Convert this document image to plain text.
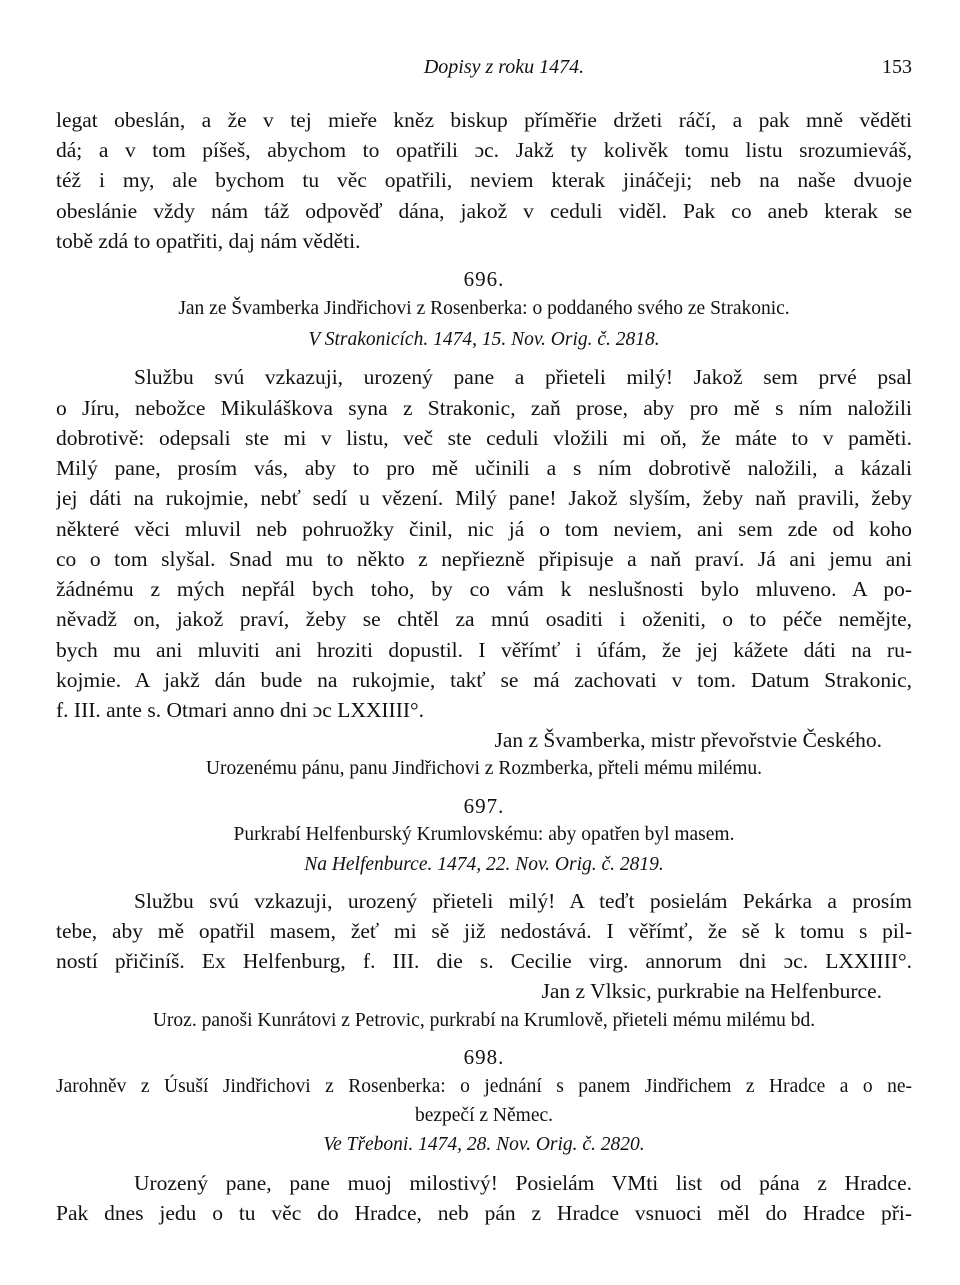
Dopisy z roku 1474.	153
legat obeslán, a že v tej mieře kněz biskup příměřie držeti ráčí, a pak mně věděti
dá; a v tom píšeš, abychom to opatřili ɔc. Jakž ty kolivěk tomu listu srozumieváš,
též i my, ale bychom tu věc opatřili, neviem kterak jináčeji; neb na naše dvuoje
obeslánie vždy nám táž odpověď dána, jakož v ceduli viděl. Pak co aneb kterak se
tobě zdá to opatřiti, daj nám věděti.
696.
Jan ze Švamberka Jindřichovi z Rosenberka: o poddaného svého ze Strakonic.
V Strakonicích. 1474, 15. Nov. Orig. č. 2818.
Službu svú vzkazuji, urozený pane a přieteli milý! Jakož sem prvé psal
o Jíru, nebožce Mikuláškova syna z Strakonic, zaň prose, aby pro mě s ním naložili
dobrotivě: odepsali ste mi v listu, več ste ceduli vložili mi oň, že máte to v paměti.
Milý pane, prosím vás, aby to pro mě učinili a s ním dobrotivě naložili, a kázali
jej dáti na rukojmie, nebť sedí u vězení. Milý pane! Jakož slyším, žeby naň pravili, žeby
některé věci mluvil neb pohruožky činil, nic já o tom neviem, ani sem zde od koho
co o tom slyšal. Snad mu to někto z nepřiezně připisuje a naň praví. Já ani jemu ani
žádnému z mých nepřál bych toho, by co vám k neslušnosti bylo mluveno. A po-
něvadž on, jakož praví, žeby se chtěl za mnú osaditi i oženiti, o to péče nemějte,
bych mu ani mluviti ani hroziti dopustil. I věřímť i úfám, že jej kážete dáti na ru-
kojmie. A jakž dán bude na rukojmie, takť se má zachovati v tom. Datum Strakonic,
f. III. ante s. Otmari anno dni ɔc LXXIIII°.
Jan z Švamberka, mistr převořstvie Českého.
Urozenému pánu, panu Jindřichovi z Rozmberka, přteli mému milému.
697.
Purkrabí Helfenburský Krumlovskému: aby opatřen byl masem.
Na Helfenburce. 1474, 22. Nov. Orig. č. 2819.
Službu svú vzkazuji, urozený přieteli milý! A teďt posielám Pekárka a prosím
tebe, aby mě opatřil masem, žeť mi sě již nedostává. I věřímť, že sě k tomu s pil-
ností přičiníš. Ex Helfenburg, f. III. die s. Cecilie virg. annorum dni ɔc. LXXIIII°.
Jan z Vlksic, purkrabie na Helfenburce.
Uroz. panoši Kunrátovi z Petrovic, purkrabí na Krumlově, přieteli mému milému bd.
698.
Jarohněv z Úsuší Jindřichovi z Rosenberka: o jednání s panem Jindřichem z Hradce a o ne-
bezpečí z Němec.
Ve Třeboni. 1474, 28. Nov. Orig. č. 2820.
Urozený pane, pane muoj milostivý! Posielám VMti list od pána z Hradce.
Pak dnes jedu o tu věc do Hradce, neb pán z Hradce vsnuoci měl do Hradce při-
